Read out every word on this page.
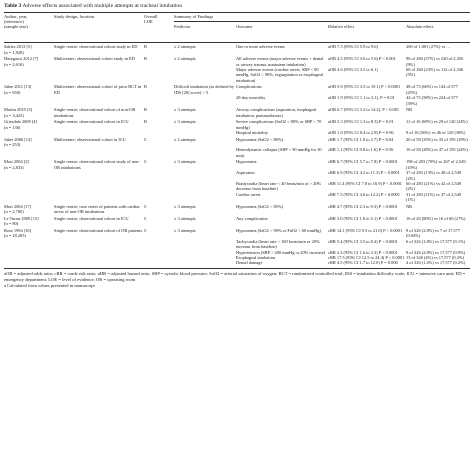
Table 3 Adverse effects associated with multiple attempts at tracheal intubation
Author, year,
(reference)
(sample size)
Study design, location	Overall
LOE
Summary of Findings
Predictor	Outcome	Relative effect	Absolute effect
Sakles 2013 [5]
(n = 1,828)	Single centre; observational cohort study in ED	B	≥ 2 attempts	One or more adverse events	aOR 7.5 (95% CI 5.9 to 9.6)	269 of 1,001 (27%) vs ...

Hasegawa 2012 [7]
(n = 2,616)	Multicentre; observational cohort study in ED	B	≥ 2 attempts	All adverse events (major adverse events + dental or airway trauma, mainstem intubation)	aOR 4.5 (95% CI 3.6 to 5.6) P < 0.001	96 of 260 (37%) vs 220 of 2,356 (9%)

				Major adverse events (cardiac arrest, SBP < 90 mmHg, SaO2 < 90%, regurgitation or esophageal intubation)	aOR 4.6 (95% CI 3.5 to 6.1)	60 of 260 (23%) vs 112 of 2,336 (5%)

Jabre 2011 [13]
(n = 650)	Multicentre; observational cohort of prior RCT in ED	B	Difficult intubation (as defined by IDS [26] score) > 5	Complications	aOR 5.9 (95% CI 3.5 to 10.1) P < 0.0001	48 of 73 (66%) vs 144 of 577 (25%)

				28-day mortality	aOR 1.9 (95% CI 1.1 to 3.1), P = 0.01	42 of 73 (58%) vs 224 of 577 (39%)

Martin 2010 [3]
(n = 3,423)	Single centre; observational cohort of non-OR intubations	B	≥ 3 attempts	Airway complications (aspiration, esophageal intubation, pneumothorax)	aOR 6.7 (95% CI 3.2 to 14.2), P < 0.001	NR

Griesdale 2008 [4]
(n = 136)	Single centre; observational cohort in ICU	B	≥ 3 attempts	Severe complications (SaO2 < 80% or SBP < 70 mmHg)	aOR 3.3 (95% CI 1.3 to 8.3) P = 0.01	11 of 16 (69%) vs 29 of 120 (24%)

				Hospital mortality	aOR 1.0 (95% CI 0.4 to 2.8) P = 0.96	9 of 16 (56%) vs 46 of 120 (38%)

Jaber 2006 [14]
(n = 253)	Multicentre; observational cohort in ICU	C	≥ 2 attempts	Hypoxemia (SaO2 < 80%)	cRR 1.7 (95% CI 1.0 to 2.7) P = 0.04	20 of 58 (35%) vs 35 of 195 (18%)

				Hemodynamic collapse (SBP < 90 mmHg for 30 min)	cRR 1.1 (95% CI 0.8 to 1.6) P = 0.56	16 of 58 (28%) vs 47 of 195 (24%)

Mort 2004 [2]
(n = 2,833)	Single centre; observational cohort study of non-OR intubations	C	≥ 3 attempts	Hypoxemia	cRR 6.7 (95% CI 5.7 to 7.8) P < 0.0001	198 of 283 (70%) vs 267 of 2,549 (10%)

				Aspiration	cRR 6.9 (95% CI 4.2 to 11.3) P < 0.0001	37 of 283 (13%) vs 48 of 2,549 (2%)

				Bradycardia (heart rate < 40 beats/min or > 20% decrease from baseline)	cRR 11.4 (95% CI 7.8 to 16.9) P < 0.0001	60 of 283 (21%) vs 42 of 2,549 (2%)

				Cardiac arrest	cRR 7.5 (95% CI 4.6 to 12.2) P < 0.0001	31 of 283 (11%) vs 37 of 2,549 (1%)

Mort 2004 [17]
(n = 2,760)	Single centre; case series of patients with cardiac arrest of non-OR intubations	C	≥ 3 attempts	Hypoxemia (SaO2 < 85%)	cRR 4.7 (95% CI 2.3 to 9.3) P < 0.0001	NR

Le Tacon 2000 [15]
(n = 80)	Single centre; observational cohort in ICU	C	≥ 3 attempts	Any complication	cRR 3.0 (95% CI 1.8 to 5.1) P < 0.0001	16 of 20 (80%) vs 16 of 60 (27%)

Rose 1994 [16]
(n = 18,205)	Single centre; observational cohort of OR patients	C	≥ 3 attempts	Hypoxemia (SaO2 < 90% or PaO2 < 60 mmHg)	cRR 14.1 (95% CI 9.5 to 21.0) P < 0.0001	9 of 326 (2.8%) vs 7 of 17,577 (0.04%)

				Tachycardia (heart rate > 100 beats/min or 20% increase from baseline)	cRR 5.4 (95% CI 3.5 to 8.4) P < 0.0001	6 of 326 (1.8%) vs 17,577 (0.1%)

				Hypertension (SBP > 200 mmHg or 20% increase)	cRR 2.3 (95% CI 1.6 to 3.3) P < 0.0001	9 of 326 (2.8%) vs 17,577 (0.9%)

				Esophageal intubation	cRR 17.5 (95% CI 12.5 to 24.4) P < 0.0001	13 of 326 (4%) vs 17,577 (0.2%)

				Dental damage	cRR 4.5 (95% CI 1.7 to 12.0) P = 0.006	4 of 326 (1.2%) vs 17,577 (0.2%)
aOR = adjusted odds ratio; cRR = crude risk ratio; aHR = adjusted hazard ratio; SBP = systolic blood pressure; SaO2 = arterial saturation of oxygen; RCT = randomized controlled trial; IDS = intubation difficulty scale; ICU = intensive care unit; ED = emergency department; LOE = level of evidence; OR = operating room
a Calculated from values presented in manuscript
